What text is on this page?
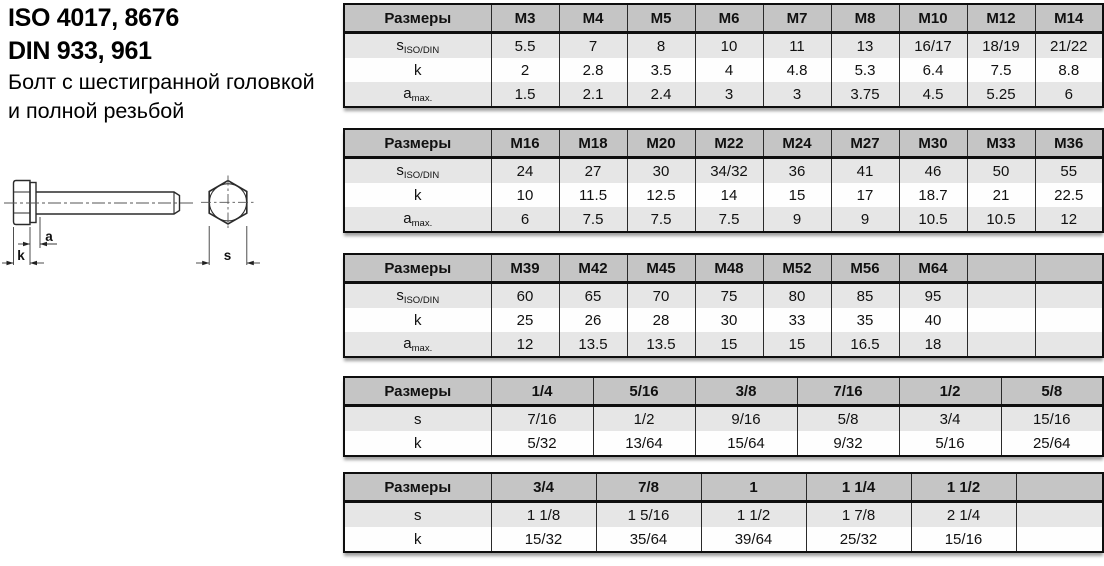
ISO 4017, 8676
DIN 933, 961
Болт с шестигранной головкой
и полной резьбой
a
k	s
Размеры	M3	M4	M5	M6	M7	M8	M10	M12	M14
$s_{ISO/DIN}$	5.5	7	8	10	11	13	16/17	18/19	21/22
k	2	2.8	3.5	4	4.8	5.3	6.4	7.5	8.8
$a_{max.}$	1.5	2.1	2.4	3	3	3.75	4.5	5.25	6
Размеры	M16	M18	M20	M22	M24	M27	M30	M33	M36
$s_{ISO/DIN}$	24	27	30	34/32	36	41	46	50	55
k	10	11.5	12.5	14	15	17	18.7	21	22.5
$a_{max.}$	6	7.5	7.5	7.5	9	9	10.5	10.5	12
Размеры	M39	M42	M45	M48	M52	M56	M64		
$s_{ISO/DIN}$	60	65	70	75	80	85	95		
k	25	26	28	30	33	35	40		
$a_{max.}$	12	13.5	13.5	15	15	16.5	18		
Размеры	1/4	5/16	3/8	7/16	1/2	5/8
s	7/16	1/2	9/16	5/8	3/4	15/16
k	5/32	13/64	15/64	9/32	5/16	25/64
Размеры	3/4	7/8	1	1 1/4	1 1/2	
s	1 1/8	1 5/16	1 1/2	1 7/8	2 1/4	
k	15/32	35/64	39/64	25/32	15/16	
